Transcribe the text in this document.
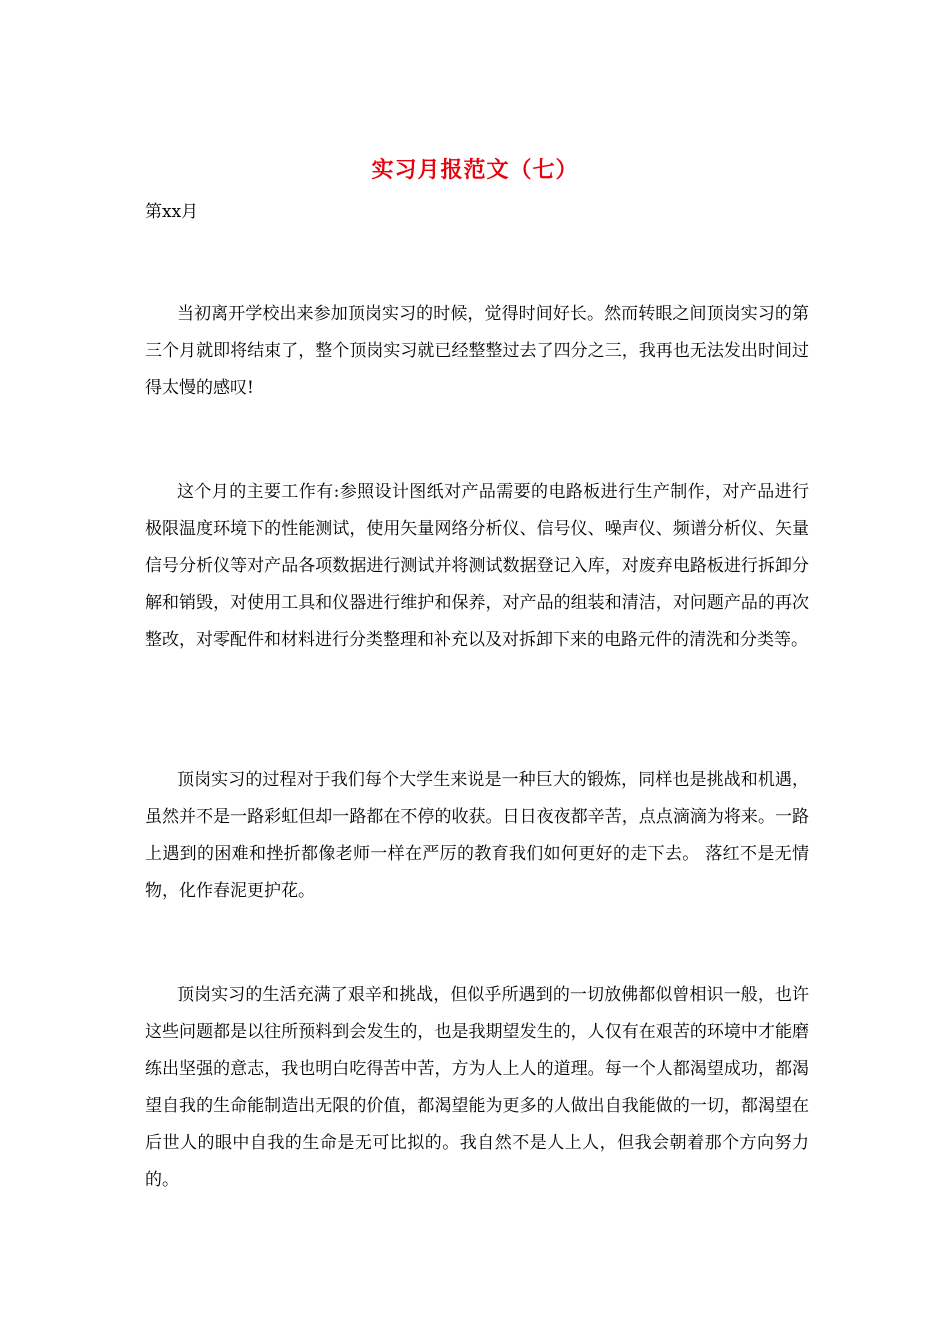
实习月报范文（七）
第xx月

当初离开学校出来参加顶岗实习的时候，觉得时间好长。然而转眼之间顶岗实习的第三个月就即将结束了，整个顶岗实习就已经整整过去了四分之三，我再也无法发出时间过得太慢的感叹!

这个月的主要工作有:参照设计图纸对产品需要的电路板进行生产制作，对产品进行极限温度环境下的性能测试，使用矢量网络分析仪、信号仪、噪声仪、频谱分析仪、矢量信号分析仪等对产品各项数据进行测试并将测试数据登记入库，对废弃电路板进行拆卸分解和销毁，对使用工具和仪器进行维护和保养，对产品的组装和清洁，对问题产品的再次整改，对零配件和材料进行分类整理和补充以及对拆卸下来的电路元件的清洗和分类等。

顶岗实习的过程对于我们每个大学生来说是一种巨大的锻炼，同样也是挑战和机遇，虽然并不是一路彩虹但却一路都在不停的收获。日日夜夜都辛苦，点点滴滴为将来。一路上遇到的困难和挫折都像老师一样在严厉的教育我们如何更好的走下去。 落红不是无情物，化作春泥更护花。

顶岗实习的生活充满了艰辛和挑战，但似乎所遇到的一切放佛都似曾相识一般，也许这些问题都是以往所预料到会发生的，也是我期望发生的，人仅有在艰苦的环境中才能磨练出坚强的意志，我也明白吃得苦中苦，方为人上人的道理。每一个人都渴望成功，都渴望自我的生命能制造出无限的价值，都渴望能为更多的人做出自我能做的一切，都渴望在后世人的眼中自我的生命是无可比拟的。我自然不是人上人，但我会朝着那个方向努力的。
